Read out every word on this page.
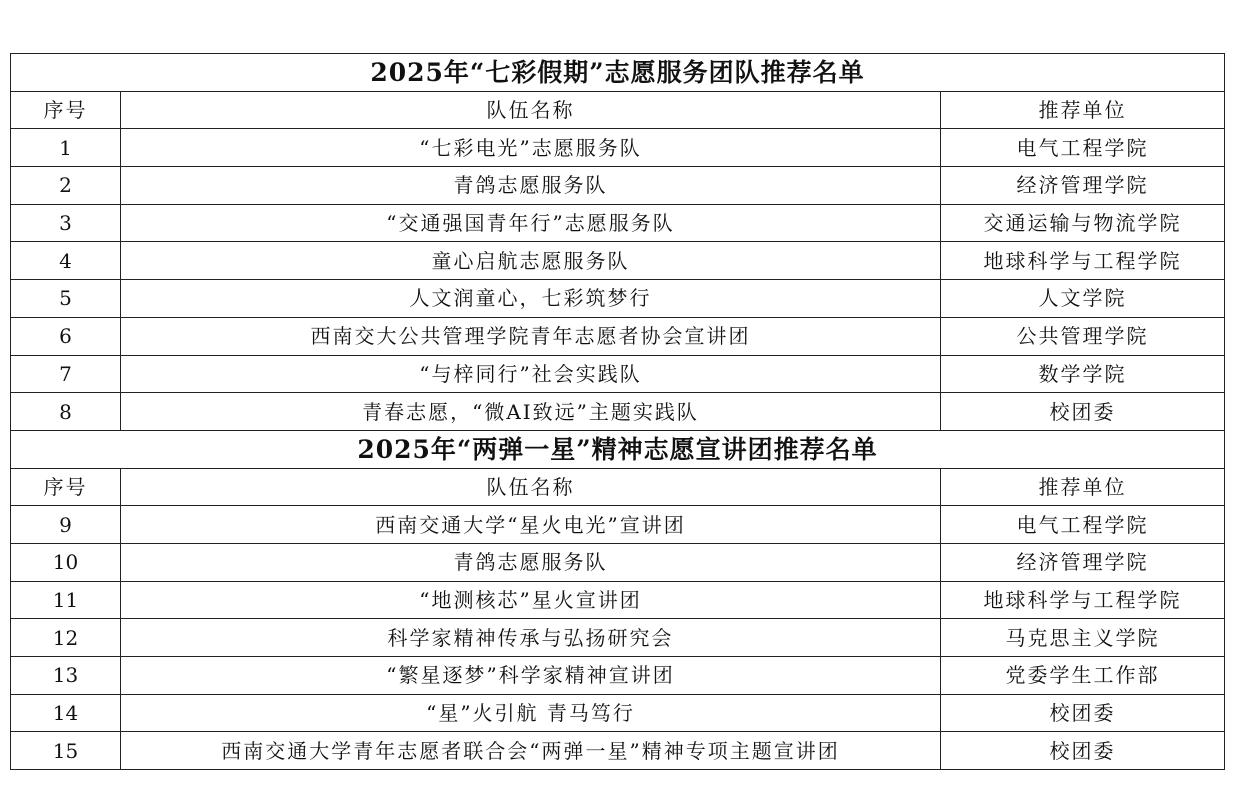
2025年“七彩假期”志愿服务团队推荐名单		
序号	队伍名称	推荐单位
1	“七彩电光”志愿服务队	电气工程学院
2	青鸽志愿服务队	经济管理学院
3	“交通强国青年行”志愿服务队	交通运输与物流学院
4	童心启航志愿服务队	地球科学与工程学院
5	人文润童心，七彩筑梦行	人文学院
6	西南交大公共管理学院青年志愿者协会宣讲团	公共管理学院
7	“与梓同行”社会实践队	数学学院
8	青春志愿，“微AI致远”主题实践队	校团委
2025年“两弹一星”精神志愿宣讲团推荐名单		
序号	队伍名称	推荐单位
9	西南交通大学“星火电光”宣讲团	电气工程学院
10	青鸽志愿服务队	经济管理学院
11	“地测核芯”星火宣讲团	地球科学与工程学院
12	科学家精神传承与弘扬研究会	马克思主义学院
13	“繁星逐梦”科学家精神宣讲团	党委学生工作部
14	“星”火引航 青马笃行	校团委
15	西南交通大学青年志愿者联合会“两弹一星”精神专项主题宣讲团	校团委
